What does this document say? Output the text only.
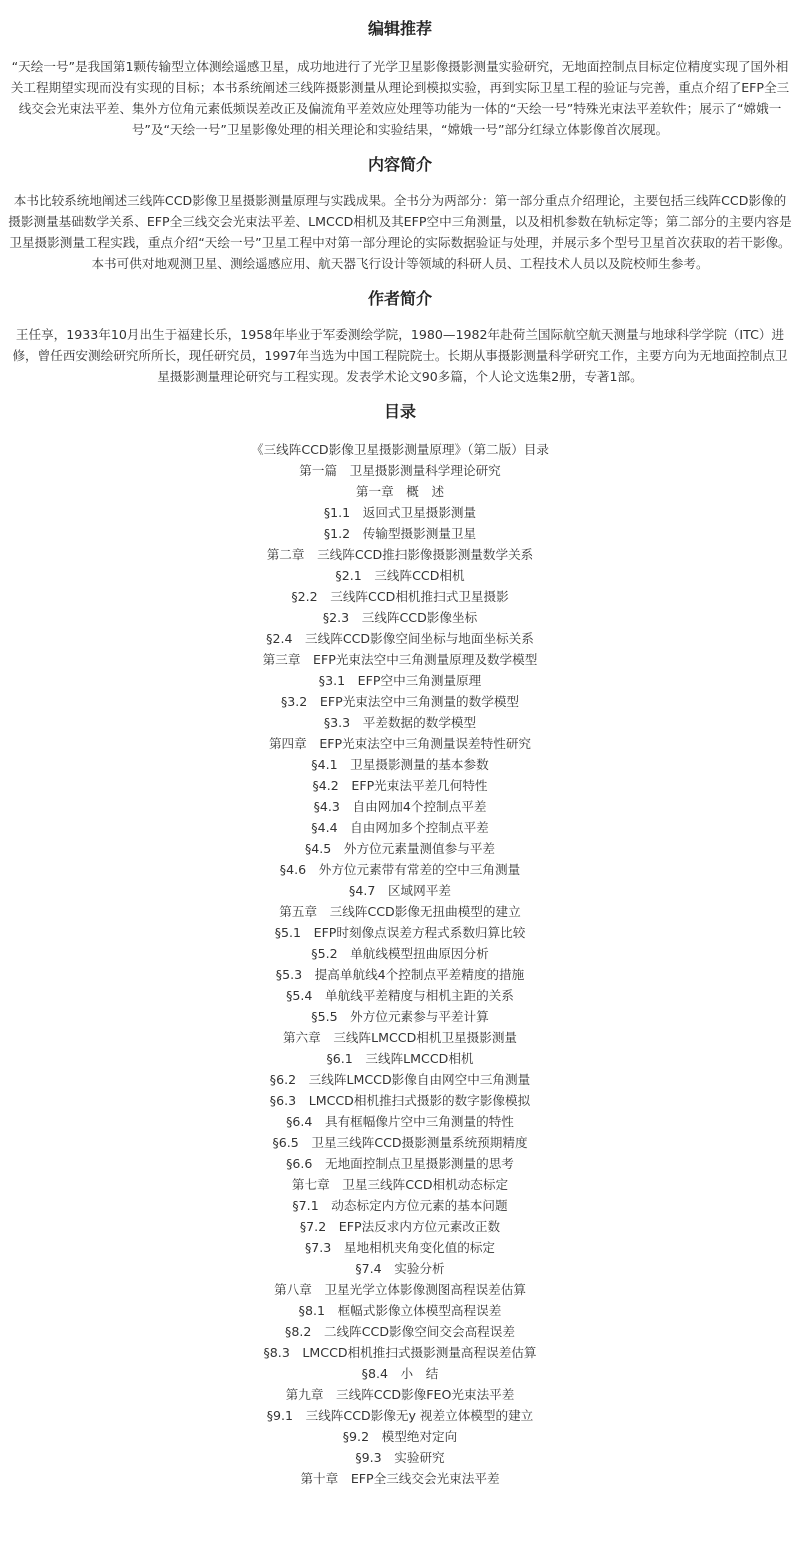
编辑推荐

“天绘一号”是我国第1颗传输型立体测绘遥感卫星，成功地进行了光学卫星影像摄影测量实验研究，无地面控制点目标定位精度实现了国外相关工程期望实现而没有实现的目标；本书系统阐述三线阵摄影测量从理论到模拟实验，再到实际卫星工程的验证与完善，重点介绍了EFP全三线交会光束法平差、集外方位角元素低频误差改正及偏流角平差效应处理等功能为一体的“天绘一号”特殊光束法平差软件；展示了“嫦娥一号”及“天绘一号”卫星影像处理的相关理论和实验结果，“嫦娥一号”部分红绿立体影像首次展现。

内容简介

本书比较系统地阐述三线阵CCD影像卫星摄影测量原理与实践成果。全书分为两部分：第一部分重点介绍理论，主要包括三线阵CCD影像的摄影测量基础数学关系、EFP全三线交会光束法平差、LMCCD相机及其EFP空中三角测量，以及相机参数在轨标定等；第二部分的主要内容是卫星摄影测量工程实践，重点介绍“天绘一号”卫星工程中对第一部分理论的实际数据验证与处理，并展示多个型号卫星首次获取的若干影像。

本书可供对地观测卫星、测绘遥感应用、航天器飞行设计等领域的科研人员、工程技术人员以及院校师生参考。

作者简介

王任享，1933年10月出生于福建长乐，1958年毕业于军委测绘学院，1980—1982年赴荷兰国际航空航天测量与地球科学学院（ITC）进修，曾任西安测绘研究所所长，现任研究员，1997年当选为中国工程院院士。长期从事摄影测量科学研究工作，主要方向为无地面控制点卫星摄影测量理论研究与工程实现。发表学术论文90多篇，个人论文选集2册，专著1部。

目录
《三线阵CCD影像卫星摄影测量原理》（第二版）目录
第一篇　卫星摄影测量科学理论研究
第一章　概　述
§1.1　返回式卫星摄影测量
§1.2　传输型摄影测量卫星
第二章　三线阵CCD推扫影像摄影测量数学关系
§2.1　三线阵CCD相机
§2.2　三线阵CCD相机推扫式卫星摄影
§2.3　三线阵CCD影像坐标
§2.4　三线阵CCD影像空间坐标与地面坐标关系
第三章　EFP光束法空中三角测量原理及数学模型
§3.1　EFP空中三角测量原理
§3.2　EFP光束法空中三角测量的数学模型
§3.3　平差数据的数学模型
第四章　EFP光束法空中三角测量误差特性研究
§4.1　卫星摄影测量的基本参数
§4.2　EFP光束法平差几何特性
§4.3　自由网加4个控制点平差
§4.4　自由网加多个控制点平差
§4.5　外方位元素量测值参与平差
§4.6　外方位元素带有常差的空中三角测量
§4.7　区域网平差
第五章　三线阵CCD影像无扭曲模型的建立
§5.1　EFP时刻像点误差方程式系数归算比较
§5.2　单航线模型扭曲原因分析
§5.3　提高单航线4个控制点平差精度的措施
§5.4　单航线平差精度与相机主距的关系
§5.5　外方位元素参与平差计算
第六章　三线阵LMCCD相机卫星摄影测量
§6.1　三线阵LMCCD相机
§6.2　三线阵LMCCD影像自由网空中三角测量
§6.3　LMCCD相机推扫式摄影的数字影像模拟
§6.4　具有框幅像片空中三角测量的特性
§6.5　卫星三线阵CCD摄影测量系统预期精度
§6.6　无地面控制点卫星摄影测量的思考
第七章　卫星三线阵CCD相机动态标定
§7.1　动态标定内方位元素的基本问题
§7.2　EFP法反求内方位元素改正数
§7.3　星地相机夹角变化值的标定
§7.4　实验分析
第八章　卫星光学立体影像测图高程误差估算
§8.1　框幅式影像立体模型高程误差
§8.2　二线阵CCD影像空间交会高程误差
§8.3　LMCCD相机推扫式摄影测量高程误差估算
§8.4　小　结
第九章　三线阵CCD影像FEO光束法平差
§9.1　三线阵CCD影像无y 视差立体模型的建立
§9.2　模型绝对定向
§9.3　实验研究
第十章　EFP全三线交会光束法平差
